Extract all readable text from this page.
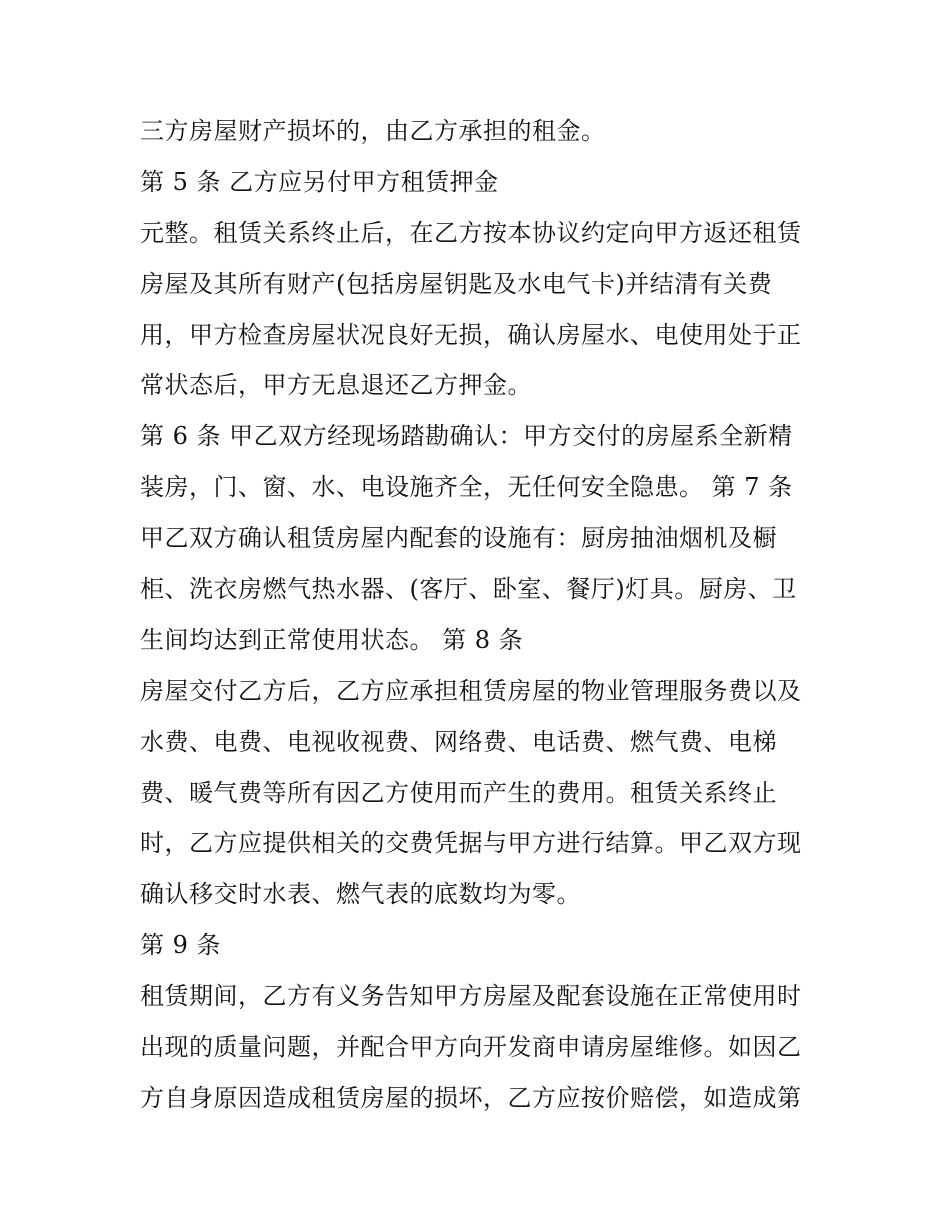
三方房屋财产损坏的，由乙方承担的租金。
第 5 条 乙方应另付甲方租赁押金
元整。租赁关系终止后，在乙方按本协议约定向甲方返还租赁
房屋及其所有财产(包括房屋钥匙及水电气卡)并结清有关费
用，甲方检查房屋状况良好无损，确认房屋水、电使用处于正
常状态后，甲方无息退还乙方押金。
第 6 条 甲乙双方经现场踏勘确认：甲方交付的房屋系全新精
装房，门、窗、水、电设施齐全，无任何安全隐患。 第 7 条
甲乙双方确认租赁房屋内配套的设施有：厨房抽油烟机及橱
柜、洗衣房燃气热水器、(客厅、卧室、餐厅)灯具。厨房、卫
生间均达到正常使用状态。 第 8 条
房屋交付乙方后，乙方应承担租赁房屋的物业管理服务费以及
水费、电费、电视收视费、网络费、电话费、燃气费、电梯
费、暖气费等所有因乙方使用而产生的费用。租赁关系终止
时，乙方应提供相关的交费凭据与甲方进行结算。甲乙双方现
确认移交时水表、燃气表的底数均为零。
第 9 条
租赁期间，乙方有义务告知甲方房屋及配套设施在正常使用时
出现的质量问题，并配合甲方向开发商申请房屋维修。如因乙
方自身原因造成租赁房屋的损坏，乙方应按价赔偿，如造成第
